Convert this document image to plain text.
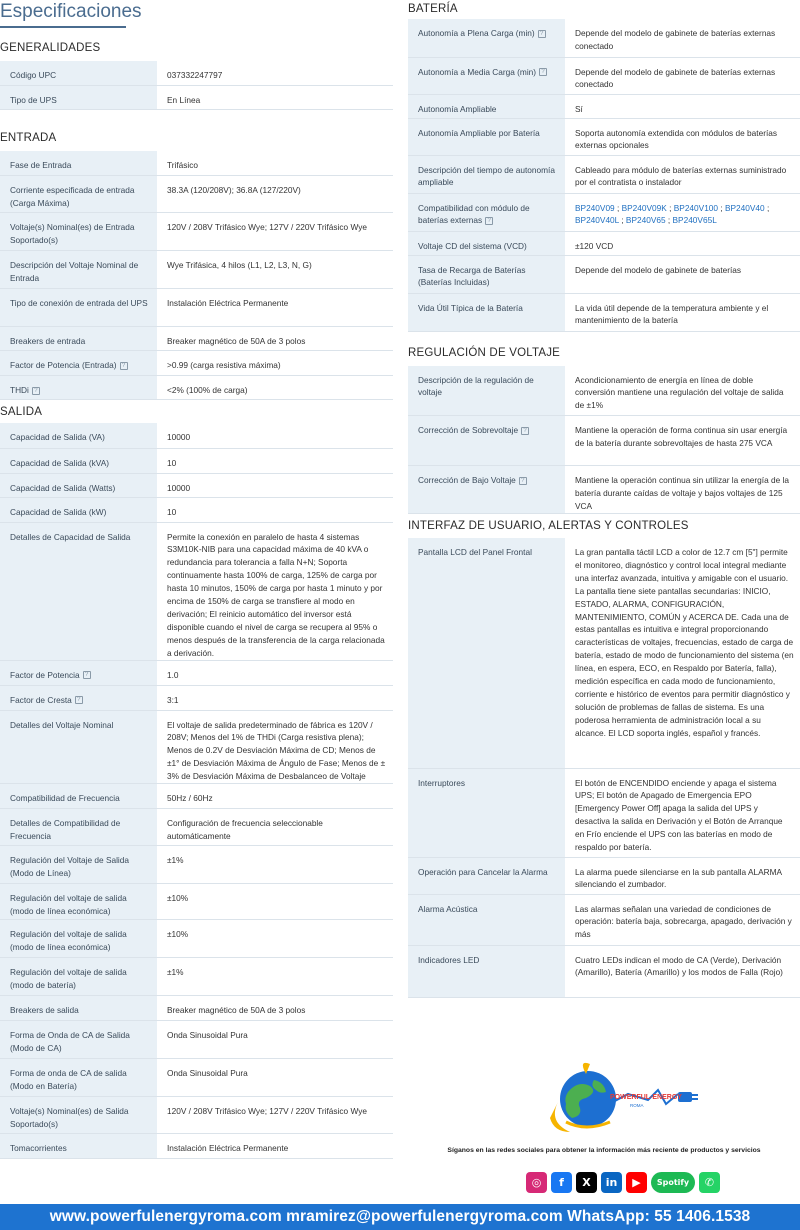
Especificaciones
GENERALIDADES
Código UPC	037332247797
Tipo de UPS	En Línea
ENTRADA
Fase de Entrada	Trifásico
Corriente especificada de entrada (Carga Máxima)	38.3A (120/208V); 36.8A (127/220V)
Voltaje(s) Nominal(es) de Entrada Soportado(s)	120V / 208V Trifásico Wye; 127V / 220V Trifásico Wye
Descripción del Voltaje Nominal de Entrada	Wye Trifásica, 4 hilos (L1, L2, L3, N, G)
Tipo de conexión de entrada del UPS	Instalación Eléctrica Permanente
Breakers de entrada	Breaker magnético de 50A de 3 polos
Factor de Potencia (Entrada) ?	>0.99 (carga resistiva máxima)
THDi ?	<2% (100% de carga)
SALIDA
Capacidad de Salida (VA)	10000
Capacidad de Salida (kVA)	10
Capacidad de Salida (Watts)	10000
Capacidad de Salida (kW)	10
Detalles de Capacidad de Salida	Permite la conexión en paralelo de hasta 4 sistemas S3M10K-NIB para una capacidad máxima de 40 kVA o redundancia para tolerancia a falla N+N; Soporta continuamente hasta 100% de carga, 125% de carga por hasta 10 minutos, 150% de carga por hasta 1 minuto y por encima de 150% de carga se transfiere al modo en derivación; El reinicio automático del inversor está disponible cuando el nivel de carga se recupera al 95% o menos después de la transferencia de la carga relacionada a derivación.
Factor de Potencia ?	1.0
Factor de Cresta ?	3:1
Detalles del Voltaje Nominal	El voltaje de salida predeterminado de fábrica es 120V / 208V; Menos del 1% de THDi (Carga resistiva plena); Menos de 0.2V de Desviación Máxima de CD; Menos de ±1° de Desviación Máxima de Ángulo de Fase; Menos de ± 3% de Desviación Máxima de Desbalanceo de Voltaje
Compatibilidad de Frecuencia	50Hz / 60Hz
Detalles de Compatibilidad de Frecuencia	Configuración de frecuencia seleccionable automáticamente
Regulación del Voltaje de Salida (Modo de Línea)	±1%
Regulación del voltaje de salida (modo de línea económica)	±10%
Regulación del voltaje de salida (modo de línea económica)	±10%
Regulación del voltaje de salida (modo de batería)	±1%
Breakers de salida	Breaker magnético de 50A de 3 polos
Forma de Onda de CA de Salida (Modo de CA)	Onda Sinusoidal Pura
Forma de onda de CA de salida (Modo en Batería)	Onda Sinusoidal Pura
Voltaje(s) Nominal(es) de Salida Soportado(s)	120V / 208V Trifásico Wye; 127V / 220V Trifásico Wye
Tomacorrientes	Instalación Eléctrica Permanente
BATERÍA
Autonomía a Plena Carga (min) ?	Depende del modelo de gabinete de baterías externas conectado
Autonomía a Media Carga (min) ?	Depende del modelo de gabinete de baterías externas conectado
Autonomía Ampliable	Sí
Autonomía Ampliable por Batería	Soporta autonomía extendida con módulos de baterías externas opcionales
Descripción del tiempo de autonomía ampliable	Cableado para módulo de baterías externas suministrado por el contratista o instalador
Compatibilidad con módulo de baterías externas ?	BP240V09 ; BP240V09K ; BP240V100 ; BP240V40 ; BP240V40L ; BP240V65 ; BP240V65L
Voltaje CD del sistema (VCD)	±120 VCD
Tasa de Recarga de Baterías (Baterías Incluidas)	Depende del modelo de gabinete de baterías
Vida Útil Típica de la Batería	La vida útil depende de la temperatura ambiente y el mantenimiento de la batería
REGULACIÓN DE VOLTAJE
Descripción de la regulación de voltaje	Acondicionamiento de energía en línea de doble conversión mantiene una regulación del voltaje de salida de ±1%
Corrección de Sobrevoltaje ?	Mantiene la operación de forma continua sin usar energía de la batería durante sobrevoltajes de hasta 275 VCA
Corrección de Bajo Voltaje ?	Mantiene la operación continua sin utilizar la energía de la batería durante caídas de voltaje y bajos voltajes de 125 VCA
INTERFAZ DE USUARIO, ALERTAS Y CONTROLES
Pantalla LCD del Panel Frontal	La gran pantalla táctil LCD a color de 12.7 cm [5"] permite el monitoreo, diagnóstico y control local integral mediante una interfaz avanzada, intuitiva y amigable con el usuario. La pantalla tiene siete pantallas secundarias: INICIO, ESTADO, ALARMA, CONFIGURACIÓN, MANTENIMIENTO, COMÚN y ACERCA DE. Cada una de estas pantallas es intuitiva e integral proporcionando características de voltajes, frecuencias, estado de carga de batería, estado de modo de funcionamiento del sistema (en línea, en espera, ECO, en Respaldo por Batería, falla), medición específica en cada modo de funcionamiento, corriente e histórico de eventos para permitir diagnóstico y solución de problemas de fallas de sistema. Es una poderosa herramienta de administración local a su alcance. El LCD soporta inglés, español y francés.
Interruptores	El botón de ENCENDIDO enciende y apaga el sistema UPS; El botón de Apagado de Emergencia EPO [Emergency Power Off] apaga la salida del UPS y desactiva la salida en Derivación y el Botón de Arranque en Frío enciende el UPS con las baterías en modo de respaldo por batería.
Operación para Cancelar la Alarma	La alarma puede silenciarse en la sub pantalla ALARMA silenciando el zumbador.
Alarma Acústica	Las alarmas señalan una variedad de condiciones de operación: batería baja, sobrecarga, apagado, derivación y más
Indicadores LED	Cuatro LEDs indican el modo de CA (Verde), Derivación (Amarillo), Batería (Amarillo) y los modos de Falla (Rojo)
POWERFUL-ENERGY
ROMA
Síganos en las redes sociales para obtener la información más reciente de productos y servicios
◎	f	X	in	▶	Spotify	✆
www.powerfulenergyroma.com mramirez@powerfulenergyroma.com WhatsApp: 55 1406.1538
